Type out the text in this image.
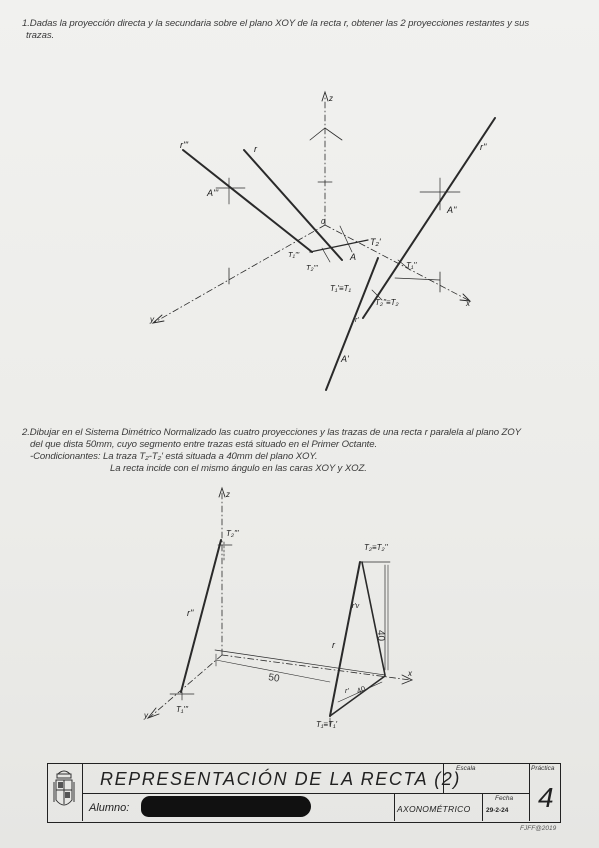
1.Dadas la proyección directa y la secundaria sobre el plano XOY de la recta r, obtener las 2 proyecciones restantes y sus
trazas.
2.Dibujar en el Sistema Dimétrico Normalizado las cuatro proyecciones y las trazas de una recta r paralela al plano ZOY
del que dista 50mm, cuyo segmento entre trazas está situado en el Primer Octante.
-Condicionantes: La traza T₂-T₂' está situada a 40mm del plano XOY.
La recta incide con el mismo ángulo en las caras XOY y XOZ.
z
0
x
y
r'''	r	r''
r'
A'''
A''
A'
A
T₂'
T₁'''
T₂'''	T₁''
T₁'≡T₁
T₂''≡T₂
z
x
y
T₂'''
T₂≡T₂''
r''
r'v
r
r'
T₁'''
T₁≡T₁'
50
40
40
REPRESENTACIÓN DE LA RECTA (2)
Escala
Alumno:	AXONOMÉTRICO
Fecha
29-2-24
Práctica
4
FJFF@2019
